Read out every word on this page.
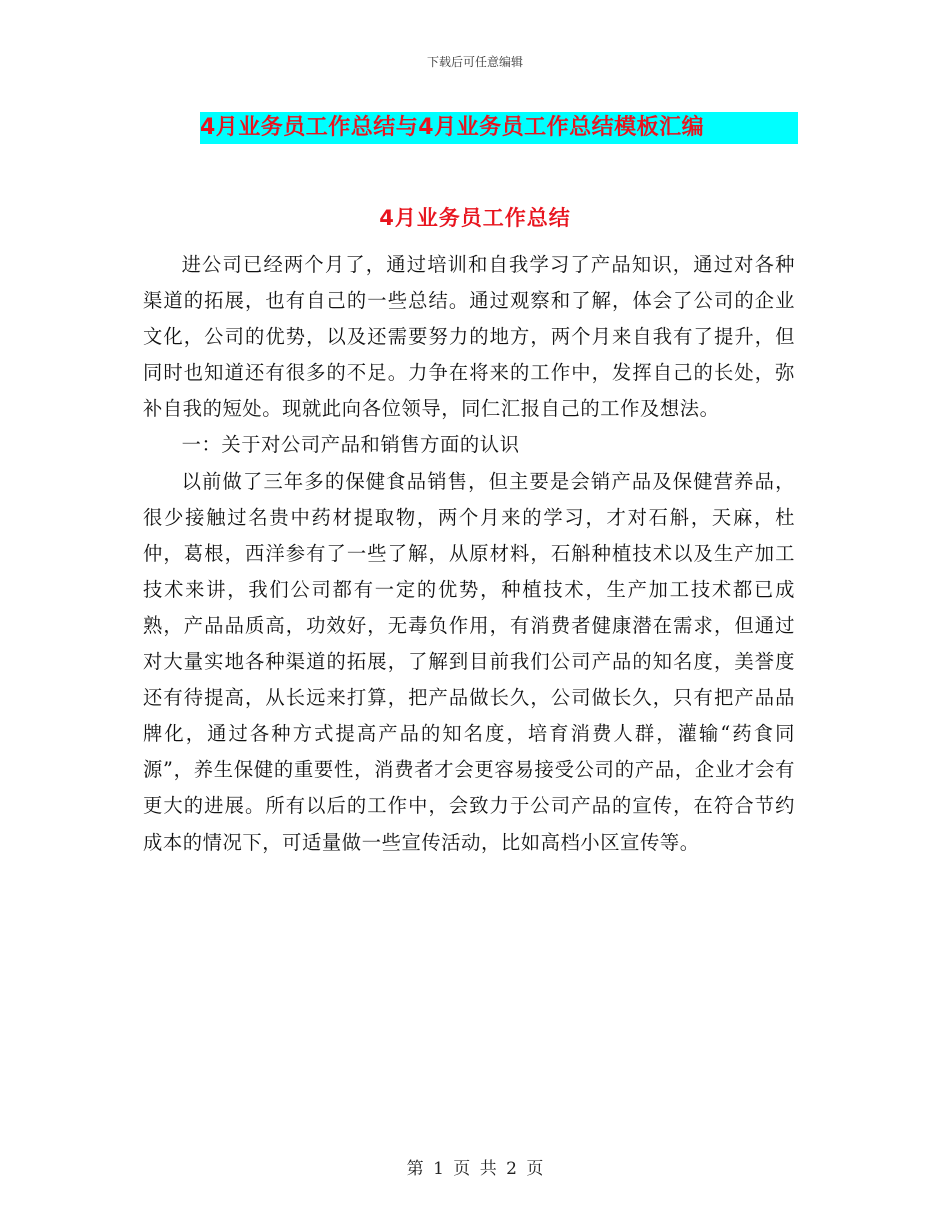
下载后可任意编辑
4月业务员工作总结与4月业务员工作总结模板汇编
4月业务员工作总结

进公司已经两个月了，通过培训和自我学习了产品知识，通过对各种渠道的拓展，也有自己的一些总结。通过观察和了解，体会了公司的企业文化，公司的优势，以及还需要努力的地方，两个月来自我有了提升，但同时也知道还有很多的不足。力争在将来的工作中，发挥自己的长处，弥补自我的短处。现就此向各位领导，同仁汇报自己的工作及想法。

一：关于对公司产品和销售方面的认识

以前做了三年多的保健食品销售，但主要是会销产品及保健营养品，很少接触过名贵中药材提取物，两个月来的学习，才对石斛，天麻，杜仲，葛根，西洋参有了一些了解，从原材料，石斛种植技术以及生产加工技术来讲，我们公司都有一定的优势，种植技术，生产加工技术都已成熟，产品品质高，功效好，无毒负作用，有消费者健康潜在需求，但通过对大量实地各种渠道的拓展，了解到目前我们公司产品的知名度，美誉度还有待提高，从长远来打算，把产品做长久，公司做长久，只有把产品品牌化，通过各种方式提高产品的知名度，培育消费人群，灌输“药食同源”，养生保健的重要性，消费者才会更容易接受公司的产品，企业才会有更大的进展。所有以后的工作中，会致力于公司产品的宣传，在符合节约成本的情况下，可适量做一些宣传活动，比如高档小区宣传等。

第 1 页 共 2 页
